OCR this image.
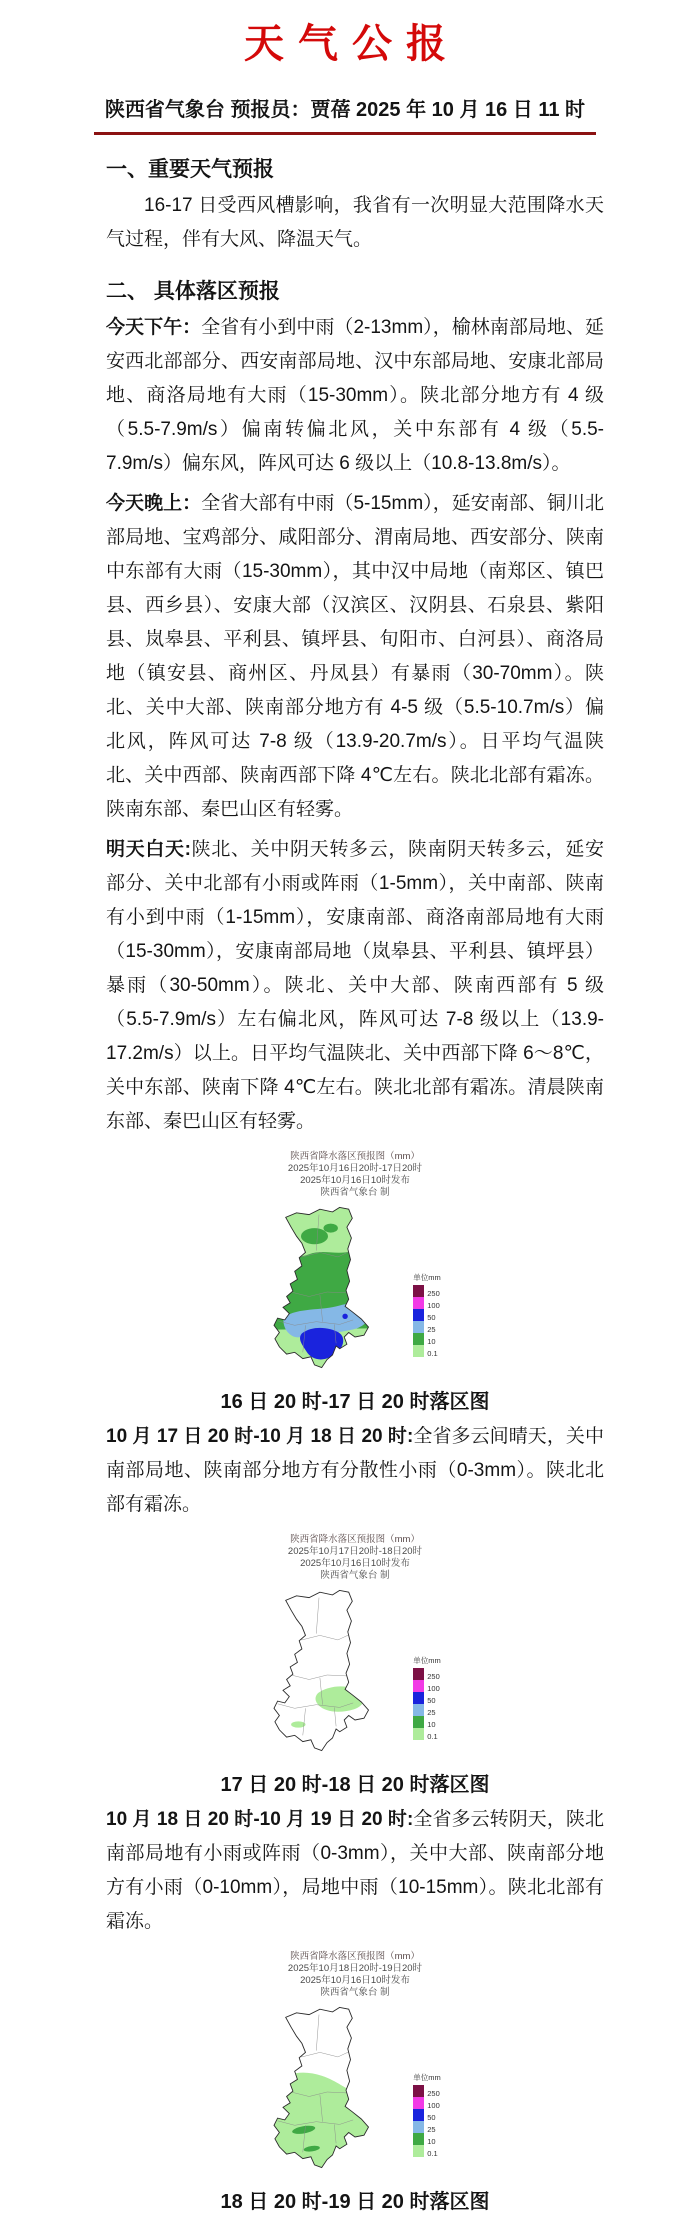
天气公报
陕西省气象台 预报员：贾蓓 2025 年 10 月 16 日 11 时
一、重要天气预报

16-17 日受西风槽影响，我省有一次明显大范围降水天气过程，伴有大风、降温天气。

二、 具体落区预报

今天下午：全省有小到中雨（2-13mm），榆林南部局地、延安西北部部分、西安南部局地、汉中东部局地、安康北部局地、商洛局地有大雨（15-30mm）。陕北部分地方有 4 级（5.5-7.9m/s）偏南转偏北风，关中东部有 4 级（5.5-7.9m/s）偏东风，阵风可达 6 级以上（10.8-13.8m/s）。

今天晚上：全省大部有中雨（5-15mm），延安南部、铜川北部局地、宝鸡部分、咸阳部分、渭南局地、西安部分、陕南中东部有大雨（15-30mm），其中汉中局地（南郑区、镇巴县、西乡县）、安康大部（汉滨区、汉阴县、石泉县、紫阳县、岚皋县、平利县、镇坪县、旬阳市、白河县）、商洛局地（镇安县、商州区、丹凤县）有暴雨（30-70mm）。陕北、关中大部、陕南部分地方有 4-5 级（5.5-10.7m/s）偏北风，阵风可达 7-8 级（13.9-20.7m/s）。日平均气温陕北、关中西部、陕南西部下降 4℃左右。陕北北部有霜冻。陕南东部、秦巴山区有轻雾。

明天白天:陕北、关中阴天转多云，陕南阴天转多云，延安部分、关中北部有小雨或阵雨（1-5mm），关中南部、陕南有小到中雨（1-15mm），安康南部、商洛南部局地有大雨（15-30mm），安康南部局地（岚皋县、平利县、镇坪县）暴雨（30-50mm）。陕北、关中大部、陕南西部有 5 级（5.5-7.9m/s）左右偏北风，阵风可达 7-8 级以上（13.9-17.2m/s）以上。日平均气温陕北、关中西部下降 6～8℃，关中东部、陕南下降 4℃左右。陕北北部有霜冻。清晨陕南东部、秦巴山区有轻雾。

陕西省降水落区预报图（mm）
2025年10月16日20时-17日20时
2025年10月16日10时发布
陕西省气象台 制
单位mm
250
100
50
25
10
0.1
16 日 20 时-17 日 20 时落区图

10 月 17 日 20 时-10 月 18 日 20 时:全省多云间晴天，关中南部局地、陕南部分地方有分散性小雨（0-3mm）。陕北北部有霜冻。

陕西省降水落区预报图（mm）
2025年10月17日20时-18日20时
2025年10月16日10时发布
陕西省气象台 制
单位mm
250
100
50
25
10
0.1
17 日 20 时-18 日 20 时落区图

10 月 18 日 20 时-10 月 19 日 20 时:全省多云转阴天，陕北南部局地有小雨或阵雨（0-3mm），关中大部、陕南部分地方有小雨（0-10mm），局地中雨（10-15mm）。陕北北部有霜冻。

陕西省降水落区预报图（mm）
2025年10月18日20时-19日20时
2025年10月16日10时发布
陕西省气象台 制
单位mm
250
100
50
25
10
0.1
18 日 20 时-19 日 20 时落区图
